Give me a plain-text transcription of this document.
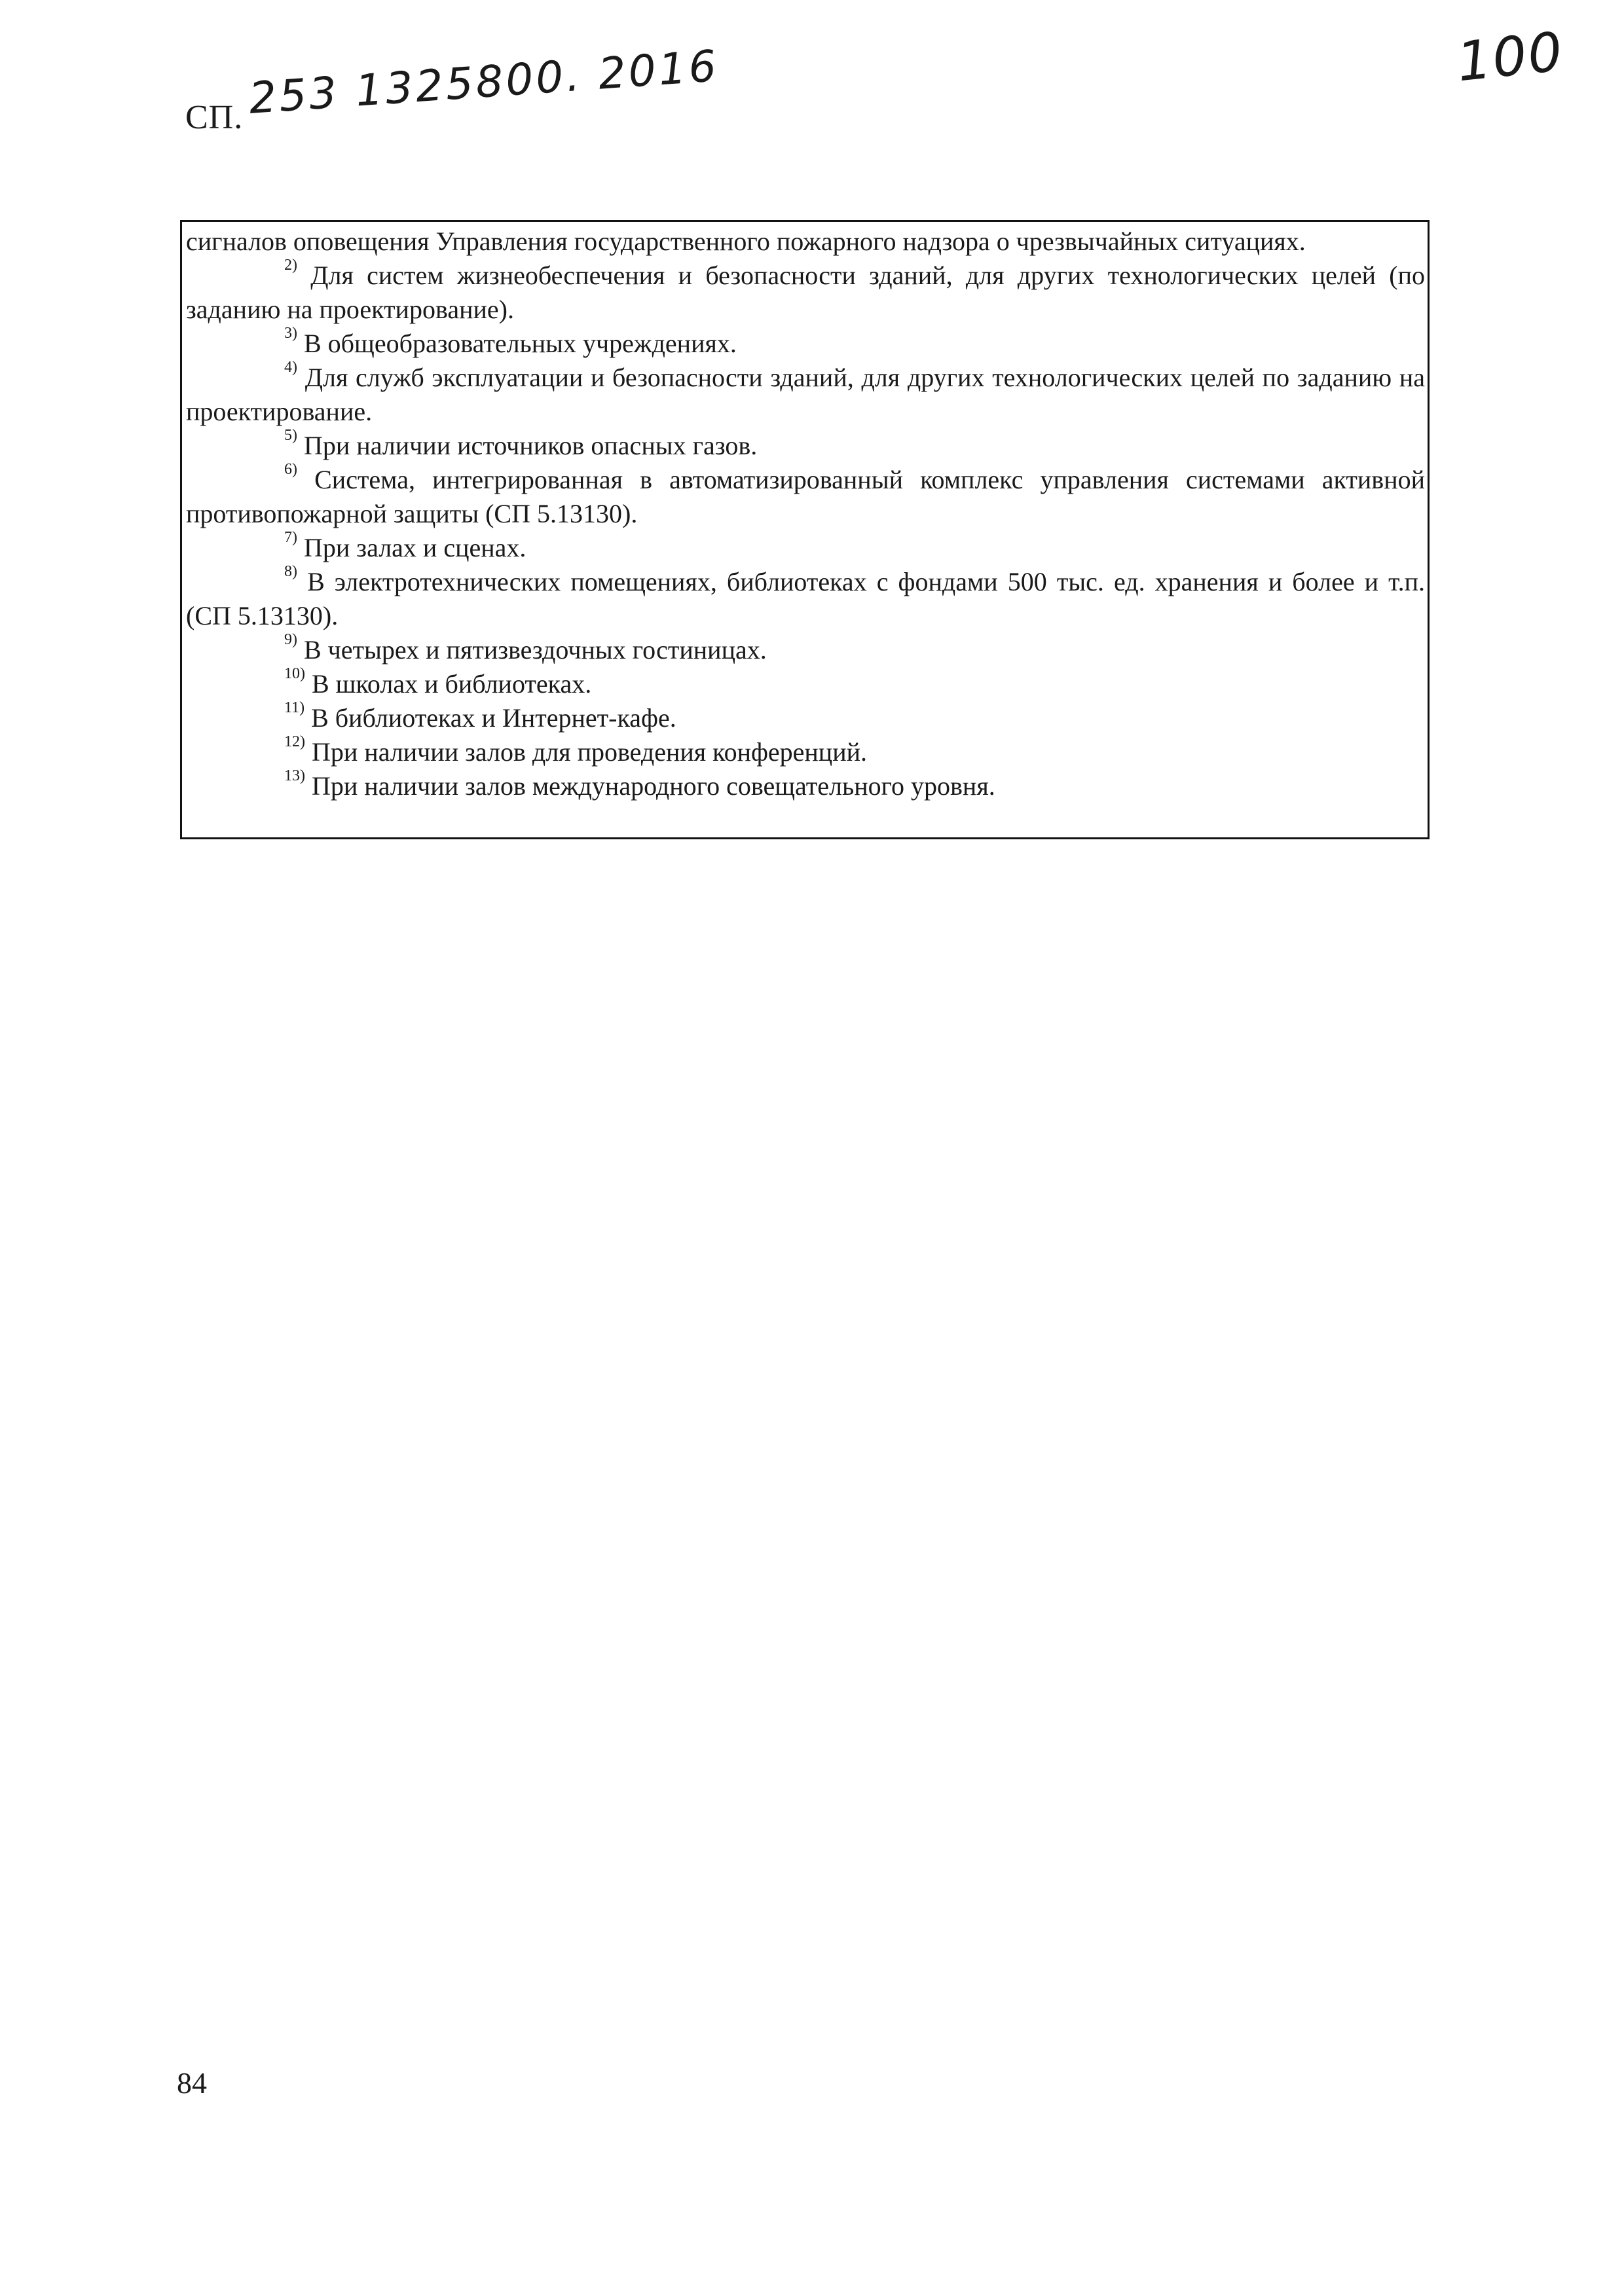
СП. 253 1325800. 2016	100

сигналов оповещения Управления государственного пожарного надзора о чрезвычайных ситуациях.

$^{2)}$ Для систем жизнеобеспечения и безопасности зданий, для других технологических целей (по заданию на проектирование).

$^{3)}$ В общеобразовательных учреждениях.

$^{4)}$ Для служб эксплуатации и безопасности зданий, для других технологических целей по заданию на проектирование.

$^{5)}$ При наличии источников опасных газов.

$^{6)}$ Система, интегрированная в автоматизированный комплекс управления системами активной противопожарной защиты (СП 5.13130).

$^{7)}$ При залах и сценах.

$^{8)}$ В электротехнических помещениях, библиотеках с фондами 500 тыс. ед. хранения и более и т.п. (СП 5.13130).

$^{9)}$ В четырех и пятизвездочных гостиницах.

$^{10)}$ В школах и библиотеках.

$^{11)}$ В библиотеках и Интернет-кафе.

$^{12)}$ При наличии залов для проведения конференций.

$^{13)}$ При наличии залов международного совещательного уровня.

84
